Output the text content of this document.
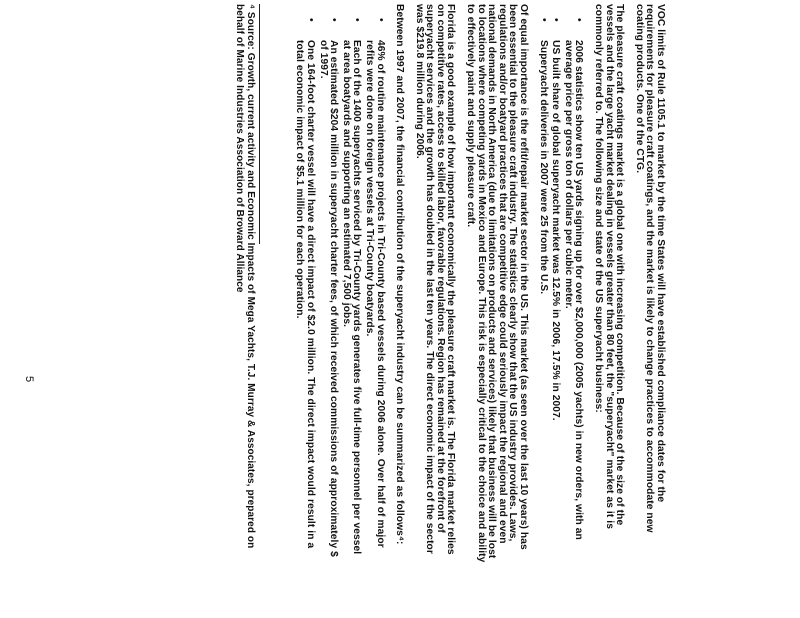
VOC limits of Rule 1105.1 to market by the time States will have established compliance dates for the requirements for pleasure craft coatings, and the market is likely to change practices to accommodate new coating products. One of the CTG.

The pleasure craft coatings market is a global one with increasing competition. Because of the size of the vessels and the large yacht market dealing in vessels greater than 80 feet, the "superyacht" market as it is commonly referred to. The following size and state of the US superyacht business:

• 2006 statistics show ten US yards signing up for over $2,000,000 (2005 yachts) in new orders, with an average price per gross ton of dollars per cubic meter.
• US built share of global superyacht market was 12.5% in 2006, 17.5% in 2007.
• Superyacht deliveries in 2007 were 25 from the U.S.

Of equal importance is the refit/repair market sector in the US. This market (as seen over the last 10 years) has been essential to the pleasure craft industry. The statistics clearly show that the US industry provides. Laws, regulations and/or boatyard practices that are competitive edge could seriously impact the regional and even national demands in North America (due to limitations on products and services) likely that business will be lost to locations where competing yards in Mexico and Europe. This risk is especially critical to the choice and ability to effectively paint and supply pleasure craft.

Florida is a good example of how important economically the pleasure craft market is. The Florida market relies on competitive rates, access to skilled labor, favorable regulations. Region has remained at the forefront of superyacht services and the growth has doubled in the last ten years. The direct economic impact of the sector was $219.8 million during 2006.

Between 1997 and 2007, the financial contribution of the superyacht industry can be summarized as follows⁴:

• 46% of routine maintenance projects in Tri-County based vessels during 2006 alone. Over half of major refits were done on foreign vessels at Tri-County boatyards.
• Each of the 1400 superyachts serviced by Tri-County yards generates five full-time personnel per vessel at area boatyards and supporting an estimated 7,500 jobs.
• An estimated $204 million in superyacht charter fees, of which received commissions of approximately $ of 1997.
• One 164-foot charter vessel will have a direct impact of $2.0 million. The direct impact would result in a total economic impact of $5.1 million for each operation.

⁴ Source: Growth, current activity and Economic Impacts of Mega Yachts, T.J. Murray & Associates, prepared on behalf of Marine Industries Association of Broward Alliance

5
